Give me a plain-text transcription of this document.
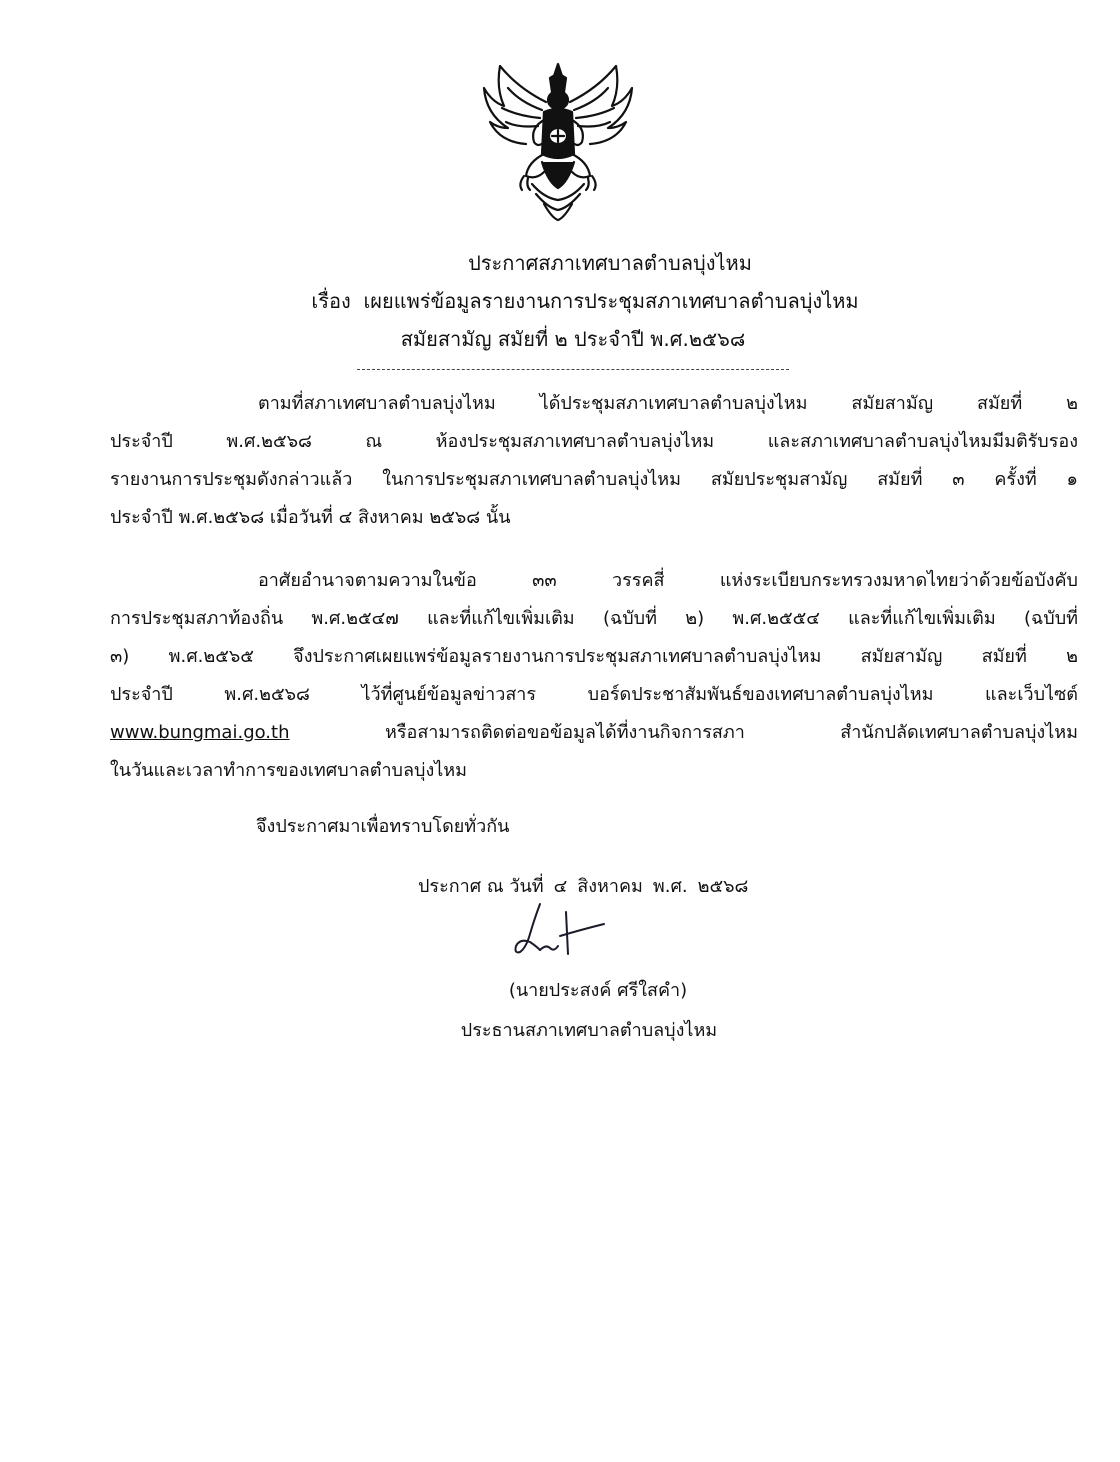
ประกาศสภาเทศบาลตำบลบุ่งไหม
เรื่อง เผยแพร่ข้อมูลรายงานการประชุมสภาเทศบาลตำบลบุ่งไหม
สมัยสามัญ สมัยที่ ๒ ประจำปี พ.ศ.๒๕๖๘
ตามที่สภาเทศบาลตำบลบุ่งไหม ได้ประชุมสภาเทศบาลตำบลบุ่งไหม สมัยสามัญ สมัยที่ ๒
ประจำปี พ.ศ.๒๕๖๘ ณ ห้องประชุมสภาเทศบาลตำบลบุ่งไหม และสภาเทศบาลตำบลบุ่งไหมมีมติรับรอง
รายงานการประชุมดังกล่าวแล้ว ในการประชุมสภาเทศบาลตำบลบุ่งไหม สมัยประชุมสามัญ สมัยที่ ๓ ครั้งที่ ๑
ประจำปี พ.ศ.๒๕๖๘ เมื่อวันที่ ๔ สิงหาคม ๒๕๖๘ นั้น
อาศัยอำนาจตามความในข้อ ๓๓ วรรคสี่ แห่งระเบียบกระทรวงมหาดไทยว่าด้วยข้อบังคับ
การประชุมสภาท้องถิ่น พ.ศ.๒๕๔๗ และที่แก้ไขเพิ่มเติม (ฉบับที่ ๒) พ.ศ.๒๕๕๔ และที่แก้ไขเพิ่มเติม (ฉบับที่
๓) พ.ศ.๒๕๖๕ จึงประกาศเผยแพร่ข้อมูลรายงานการประชุมสภาเทศบาลตำบลบุ่งไหม สมัยสามัญ สมัยที่ ๒
ประจำปี พ.ศ.๒๕๖๘ ไว้ที่ศูนย์ข้อมูลข่าวสาร บอร์ดประชาสัมพันธ์ของเทศบาลตำบลบุ่งไหม และเว็บไซต์
www.bungmai.go.th	หรือสามารถติดต่อขอข้อมูลได้ที่งานกิจการสภา สำนักปลัดเทศบาลตำบลบุ่งไหม
ในวันและเวลาทำการของเทศบาลตำบลบุ่งไหม
จึงประกาศมาเพื่อทราบโดยทั่วกัน
ประกาศ ณ วันที่ ๔ สิงหาคม พ.ศ. ๒๕๖๘
(นายประสงค์ ศรีใสคำ)
ประธานสภาเทศบาลตำบลบุ่งไหม
